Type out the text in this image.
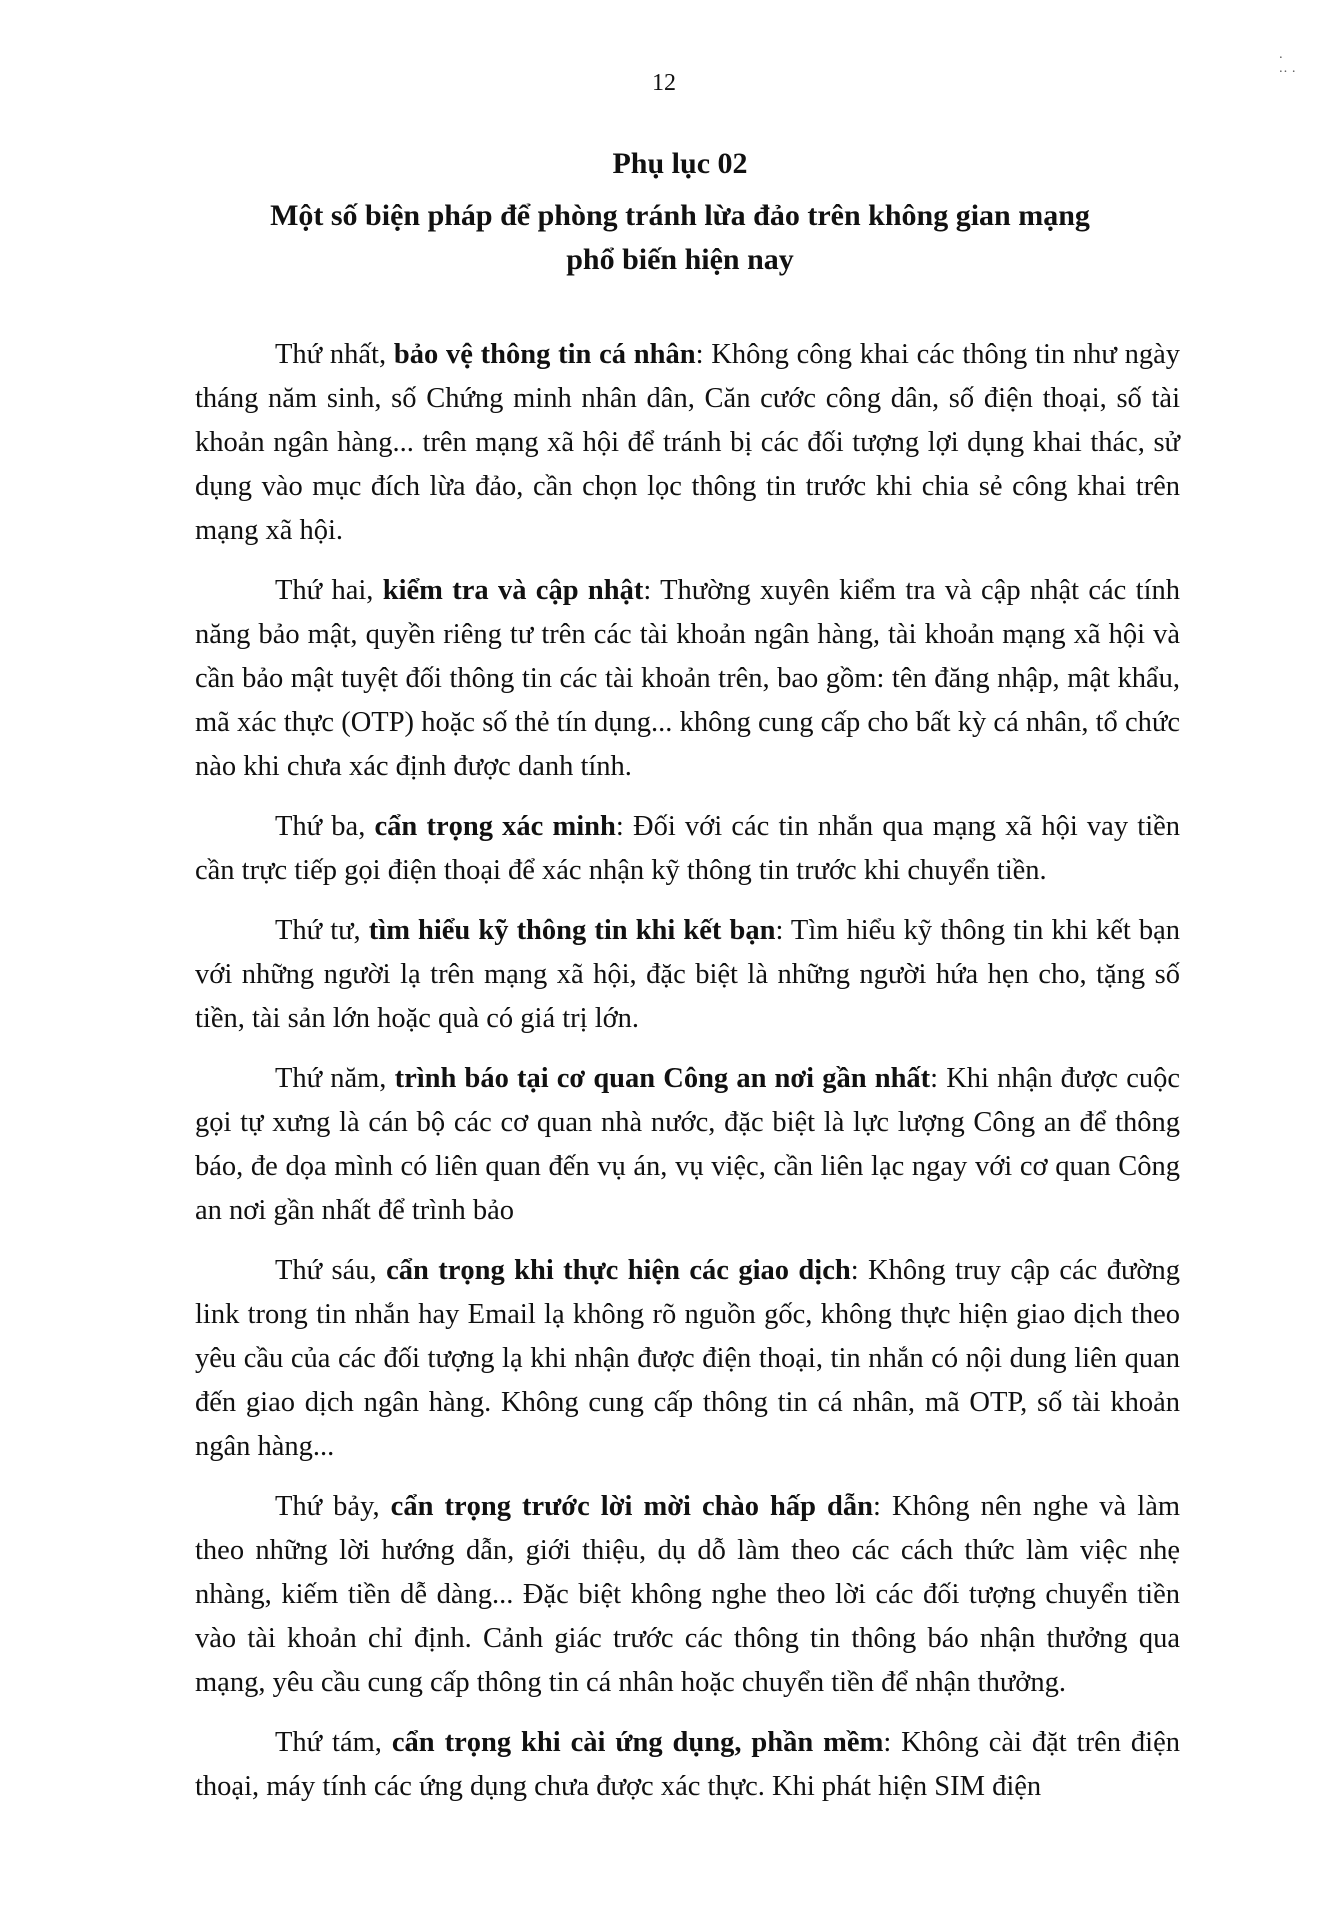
12
·
·· ·

Phụ lục 02

Một số biện pháp để phòng tránh lừa đảo trên không gian mạng

phổ biến hiện nay

Thứ nhất, bảo vệ thông tin cá nhân: Không công khai các thông tin như ngày tháng năm sinh, số Chứng minh nhân dân, Căn cước công dân, số điện thoại, số tài khoản ngân hàng... trên mạng xã hội để tránh bị các đối tượng lợi dụng khai thác, sử dụng vào mục đích lừa đảo, cần chọn lọc thông tin trước khi chia sẻ công khai trên mạng xã hội.

Thứ hai, kiểm tra và cập nhật: Thường xuyên kiểm tra và cập nhật các tính năng bảo mật, quyền riêng tư trên các tài khoản ngân hàng, tài khoản mạng xã hội và cần bảo mật tuyệt đối thông tin các tài khoản trên, bao gồm: tên đăng nhập, mật khẩu, mã xác thực (OTP) hoặc số thẻ tín dụng... không cung cấp cho bất kỳ cá nhân, tổ chức nào khi chưa xác định được danh tính.

Thứ ba, cẩn trọng xác minh: Đối với các tin nhắn qua mạng xã hội vay tiền cần trực tiếp gọi điện thoại để xác nhận kỹ thông tin trước khi chuyển tiền.

Thứ tư, tìm hiểu kỹ thông tin khi kết bạn: Tìm hiểu kỹ thông tin khi kết bạn với những người lạ trên mạng xã hội, đặc biệt là những người hứa hẹn cho, tặng số tiền, tài sản lớn hoặc quà có giá trị lớn.

Thứ năm, trình báo tại cơ quan Công an nơi gần nhất: Khi nhận được cuộc gọi tự xưng là cán bộ các cơ quan nhà nước, đặc biệt là lực lượng Công an để thông báo, đe dọa mình có liên quan đến vụ án, vụ việc, cần liên lạc ngay với cơ quan Công an nơi gần nhất để trình bảo

Thứ sáu, cẩn trọng khi thực hiện các giao dịch: Không truy cập các đường link trong tin nhắn hay Email lạ không rõ nguồn gốc, không thực hiện giao dịch theo yêu cầu của các đối tượng lạ khi nhận được điện thoại, tin nhắn có nội dung liên quan đến giao dịch ngân hàng. Không cung cấp thông tin cá nhân, mã OTP, số tài khoản ngân hàng...

Thứ bảy, cẩn trọng trước lời mời chào hấp dẫn: Không nên nghe và làm theo những lời hướng dẫn, giới thiệu, dụ dỗ làm theo các cách thức làm việc nhẹ nhàng, kiếm tiền dễ dàng... Đặc biệt không nghe theo lời các đối tượng chuyển tiền vào tài khoản chỉ định. Cảnh giác trước các thông tin thông báo nhận thưởng qua mạng, yêu cầu cung cấp thông tin cá nhân hoặc chuyển tiền để nhận thưởng.

Thứ tám, cẩn trọng khi cài ứng dụng, phần mềm: Không cài đặt trên điện thoại, máy tính các ứng dụng chưa được xác thực. Khi phát hiện SIM điện
